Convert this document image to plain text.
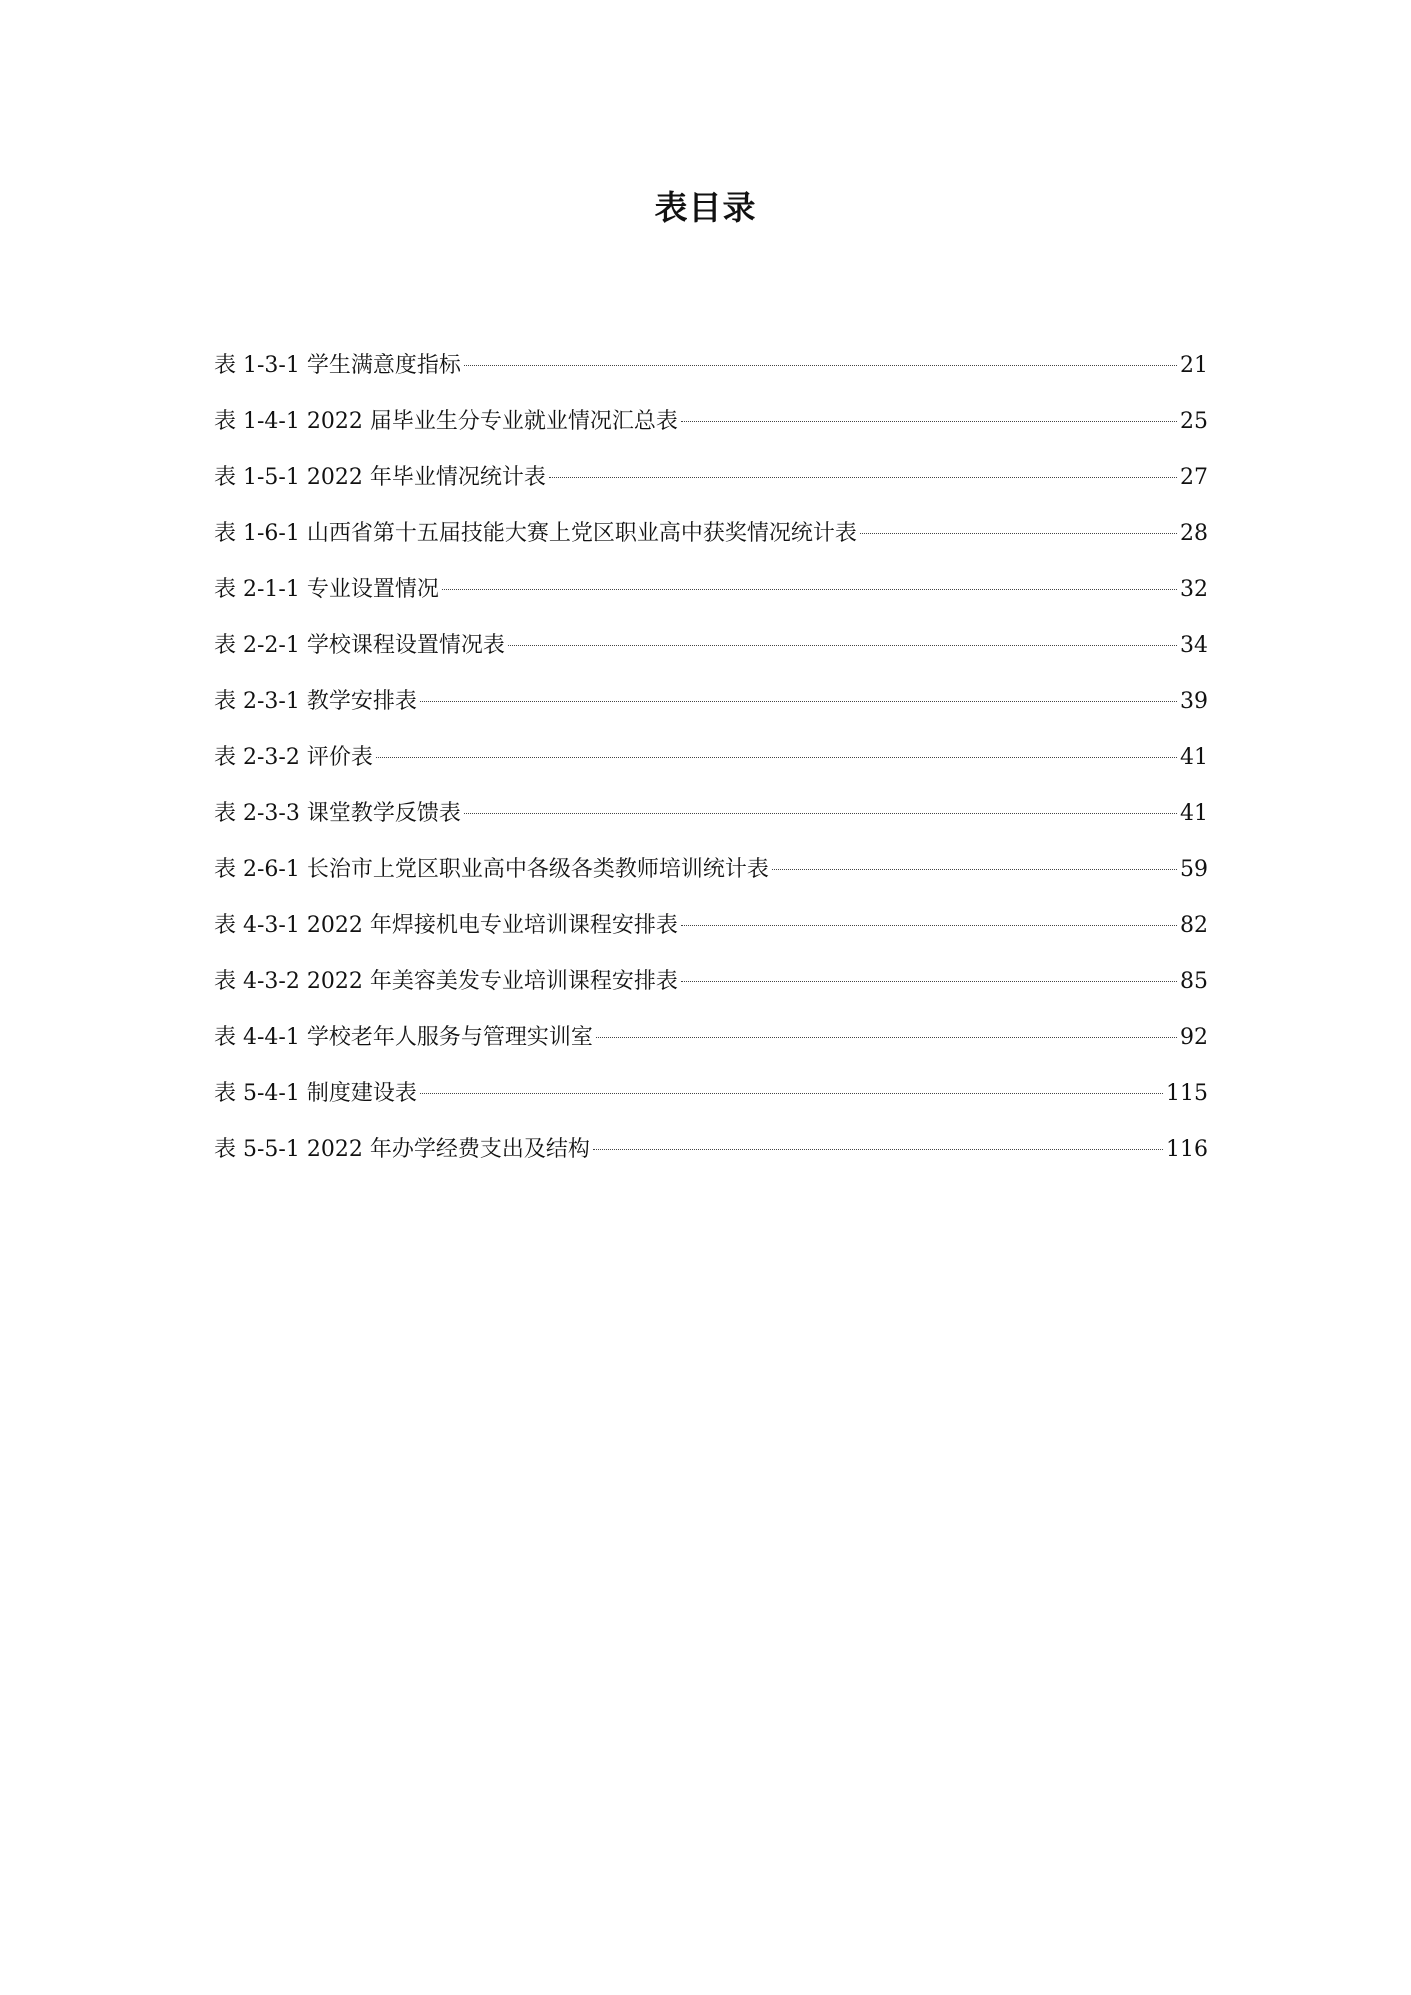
表目录
表 1-3-1 学生满意度指标	21
表 1-4-1 2022 届毕业生分专业就业情况汇总表	25
表 1-5-1 2022 年毕业情况统计表	27
表 1-6-1 山西省第十五届技能大赛上党区职业高中获奖情况统计表	28
表 2-1-1 专业设置情况	32
表 2-2-1 学校课程设置情况表	34
表 2-3-1 教学安排表	39
表 2-3-2 评价表	41
表 2-3-3 课堂教学反馈表	41
表 2-6-1 长治市上党区职业高中各级各类教师培训统计表	59
表 4-3-1 2022 年焊接机电专业培训课程安排表	82
表 4-3-2 2022 年美容美发专业培训课程安排表	85
表 4-4-1 学校老年人服务与管理实训室	92
表 5-4-1 制度建设表	115
表 5-5-1 2022 年办学经费支出及结构	116
